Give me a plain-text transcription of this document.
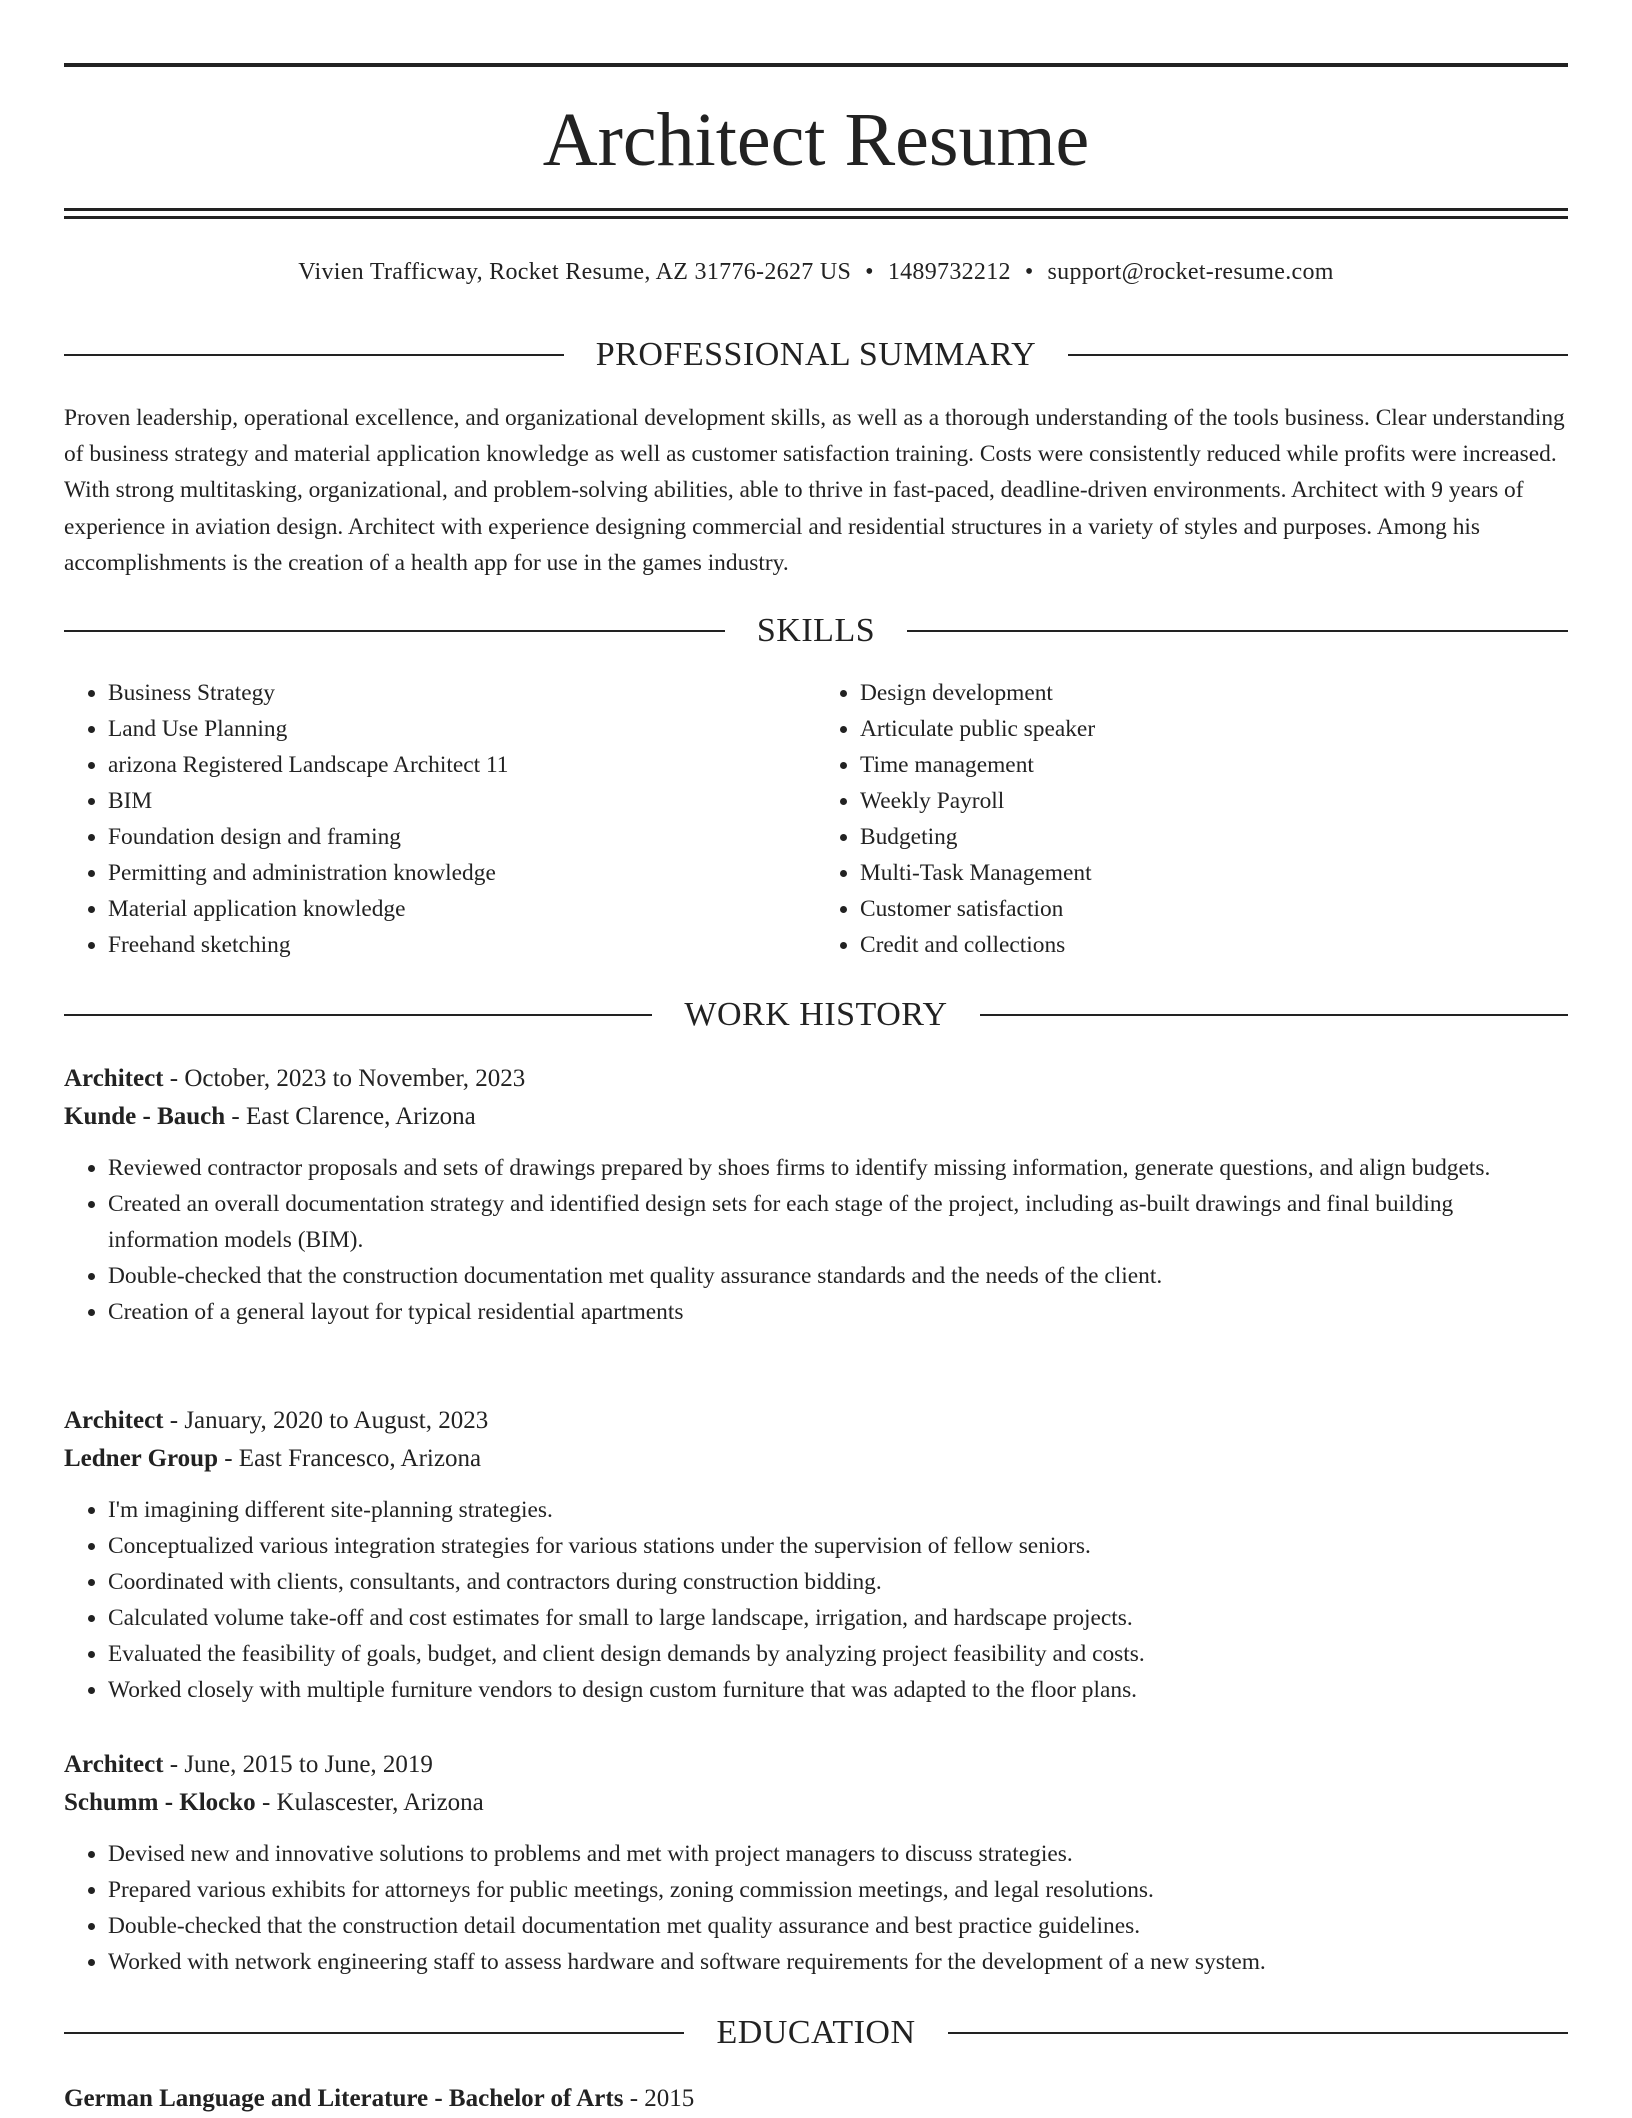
Architect Resume
Vivien Trafficway, Rocket Resume, AZ 31776-2627 US • 1489732212 • support@rocket-resume.com
PROFESSIONAL SUMMARY

Proven leadership, operational excellence, and organizational development skills, as well as a thorough understanding of the tools business. Clear understanding of business strategy and material application knowledge as well as customer satisfaction training. Costs were consistently reduced while profits were increased. With strong multitasking, organizational, and problem-solving abilities, able to thrive in fast-paced, deadline-driven environments. Architect with 9 years of experience in aviation design. Architect with experience designing commercial and residential structures in a variety of styles and purposes. Among his accomplishments is the creation of a health app for use in the games industry.

SKILLS
• Business Strategy
• Land Use Planning
• arizona Registered Landscape Architect 11
• BIM
• Foundation design and framing
• Permitting and administration knowledge
• Material application knowledge
• Freehand sketching
• Design development
• Articulate public speaker
• Time management
• Weekly Payroll
• Budgeting
• Multi-Task Management
• Customer satisfaction
• Credit and collections
WORK HISTORY
Architect - October, 2023 to November, 2023
Kunde - Bauch - East Clarence, Arizona
• Reviewed contractor proposals and sets of drawings prepared by shoes firms to identify missing information, generate questions, and align budgets.
• Created an overall documentation strategy and identified design sets for each stage of the project, including as-built drawings and final building information models (BIM).
• Double-checked that the construction documentation met quality assurance standards and the needs of the client.
• Creation of a general layout for typical residential apartments
Architect - January, 2020 to August, 2023
Ledner Group - East Francesco, Arizona
• I'm imagining different site-planning strategies.
• Conceptualized various integration strategies for various stations under the supervision of fellow seniors.
• Coordinated with clients, consultants, and contractors during construction bidding.
• Calculated volume take-off and cost estimates for small to large landscape, irrigation, and hardscape projects.
• Evaluated the feasibility of goals, budget, and client design demands by analyzing project feasibility and costs.
• Worked closely with multiple furniture vendors to design custom furniture that was adapted to the floor plans.
Architect - June, 2015 to June, 2019
Schumm - Klocko - Kulascester, Arizona
• Devised new and innovative solutions to problems and met with project managers to discuss strategies.
• Prepared various exhibits for attorneys for public meetings, zoning commission meetings, and legal resolutions.
• Double-checked that the construction detail documentation met quality assurance and best practice guidelines.
• Worked with network engineering staff to assess hardware and software requirements for the development of a new system.
EDUCATION
German Language and Literature - Bachelor of Arts - 2015
